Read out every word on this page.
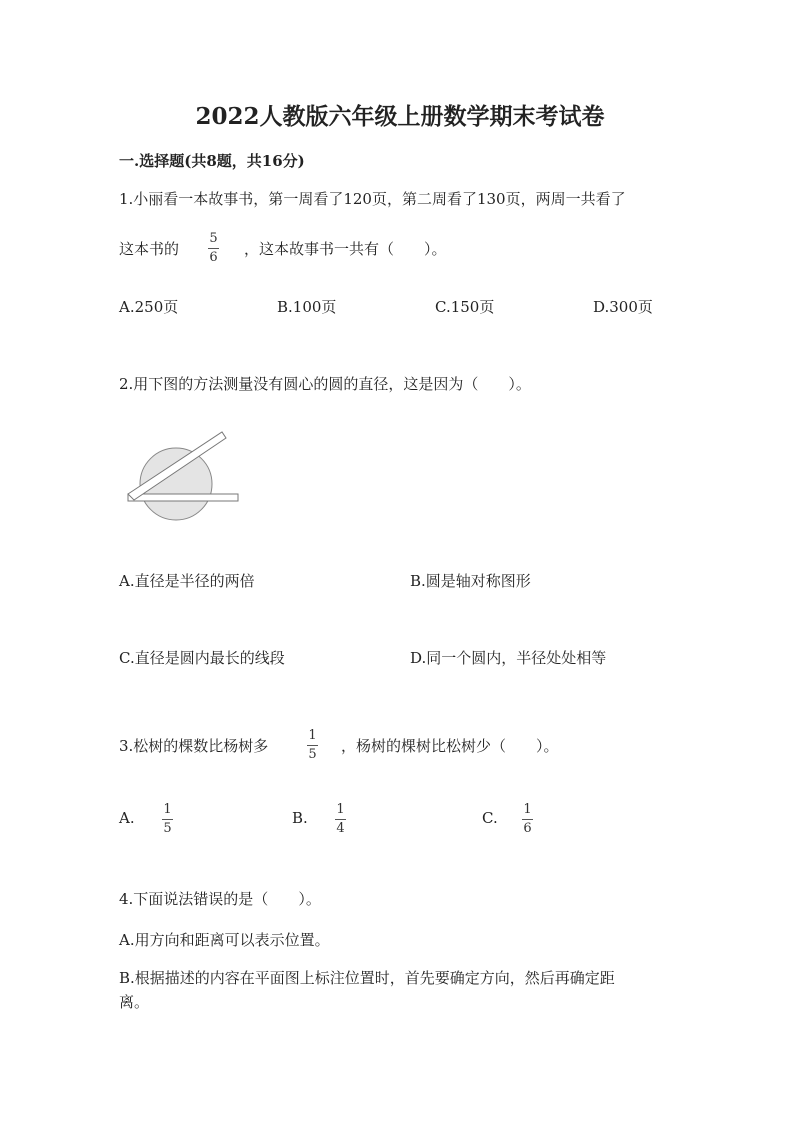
2022人教版六年级上册数学期末考试卷
一.选择题(共8题，共16分)
1.小丽看一本故事书，第一周看了120页，第二周看了130页，两周一共看了
这本书的
5
6 ，这本故事书一共有（　　）。
A.250页	B.100页	C.150页	D.300页
2.用下图的方法测量没有圆心的圆的直径，这是因为（　　）。
A.直径是半径的两倍	B.圆是轴对称图形
C.直径是圆内最长的线段	D.同一个圆内，半径处处相等
3.松树的棵数比杨树多
1
5 ，杨树的棵树比松树少（　　）。
A. 1
5
B. 1
4
C. 1
6
4.下面说法错误的是（　　）。
A.用方向和距离可以表示位置。
B.根据描述的内容在平面图上标注位置时，首先要确定方向，然后再确定距
离。
